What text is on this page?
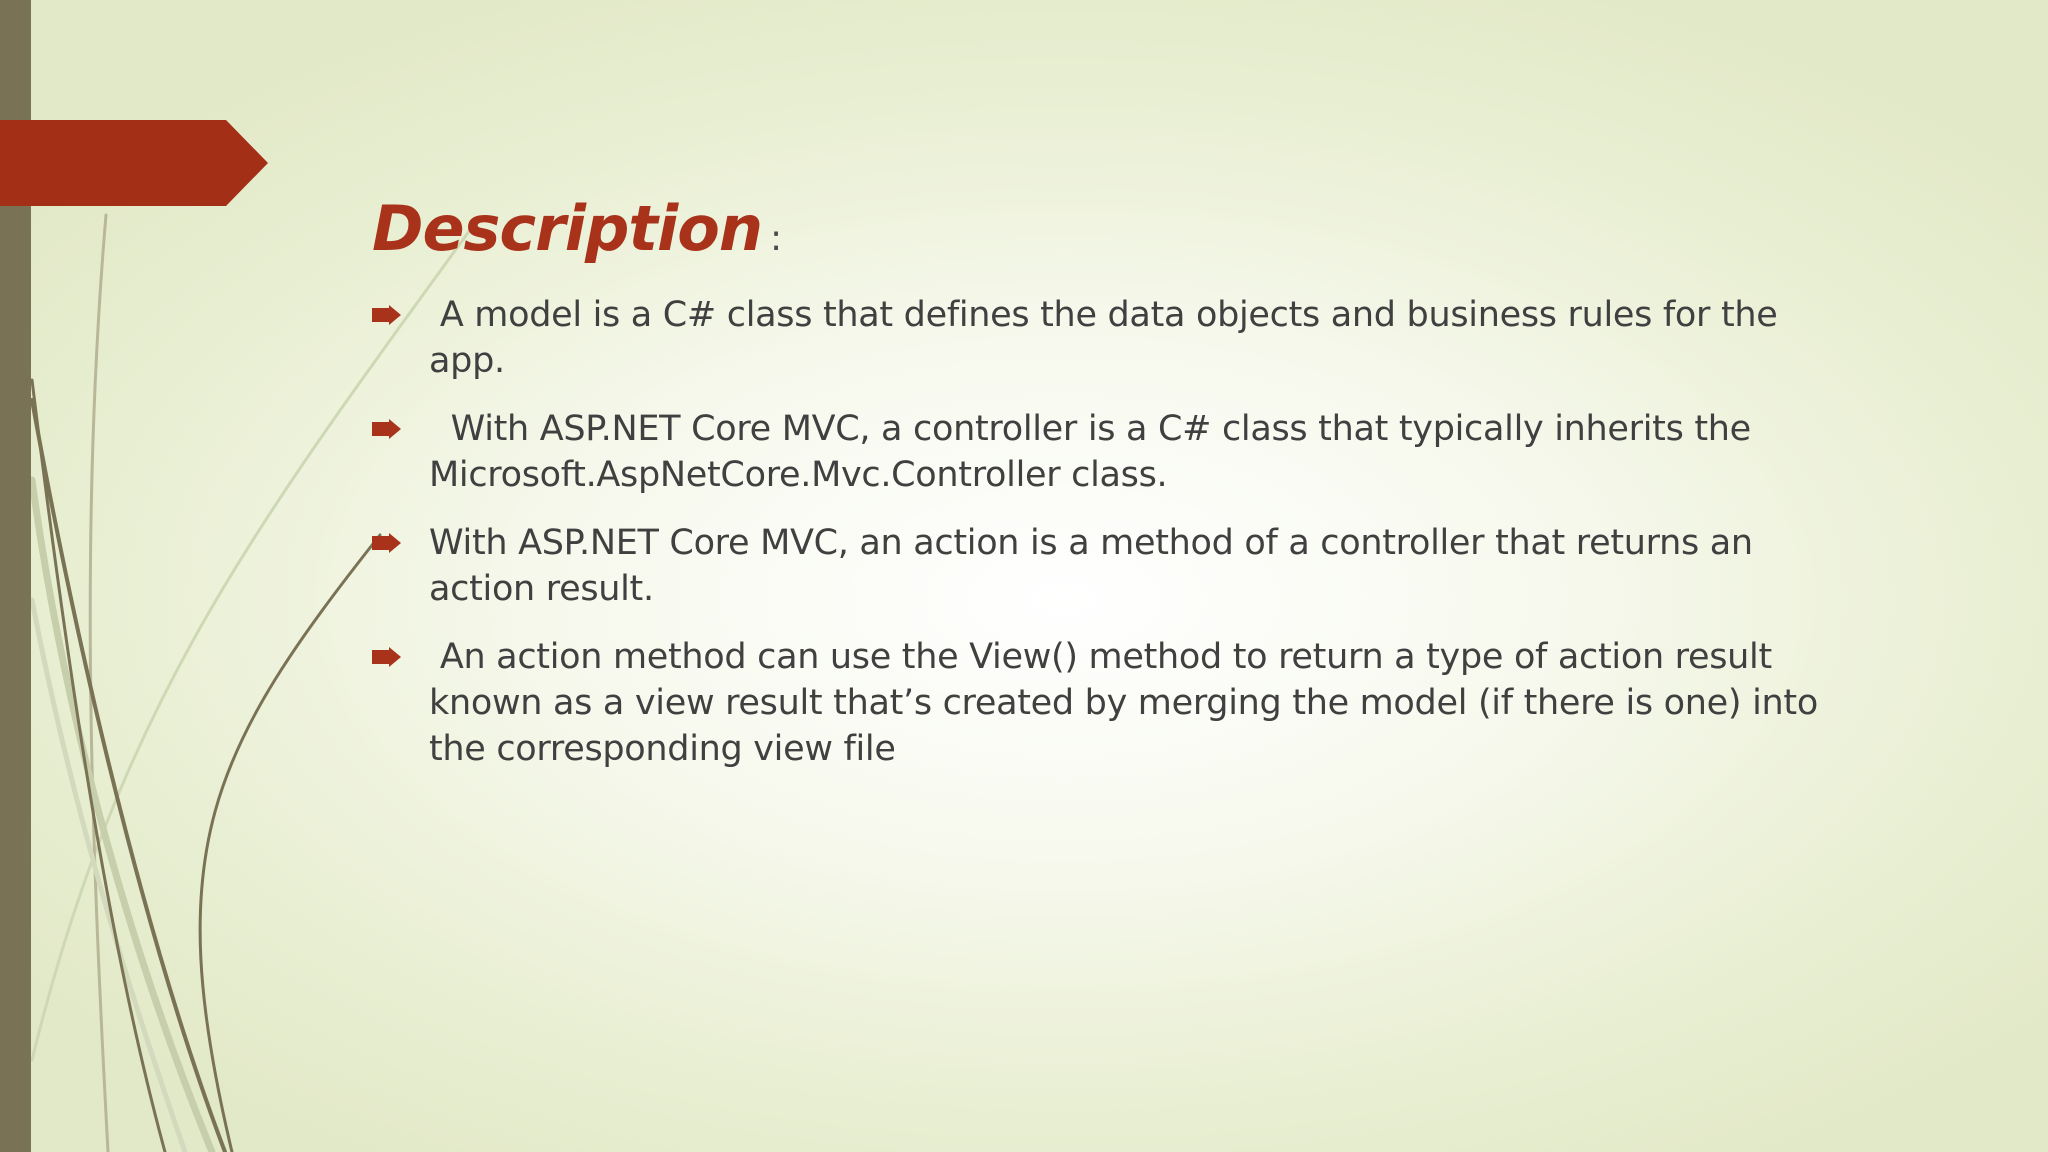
Description :
A model is a C# class that defines the data objects and business rules for the app.
With ASP.NET Core MVC, a controller is a C# class that typically inherits the Microsoft.AspNetCore.Mvc.Controller class.
With ASP.NET Core MVC, an action is a method of a controller that returns an action result.
An action method can use the View() method to return a type of action result known as a view result that’s created by merging the model (if there is one) into the corresponding view file
